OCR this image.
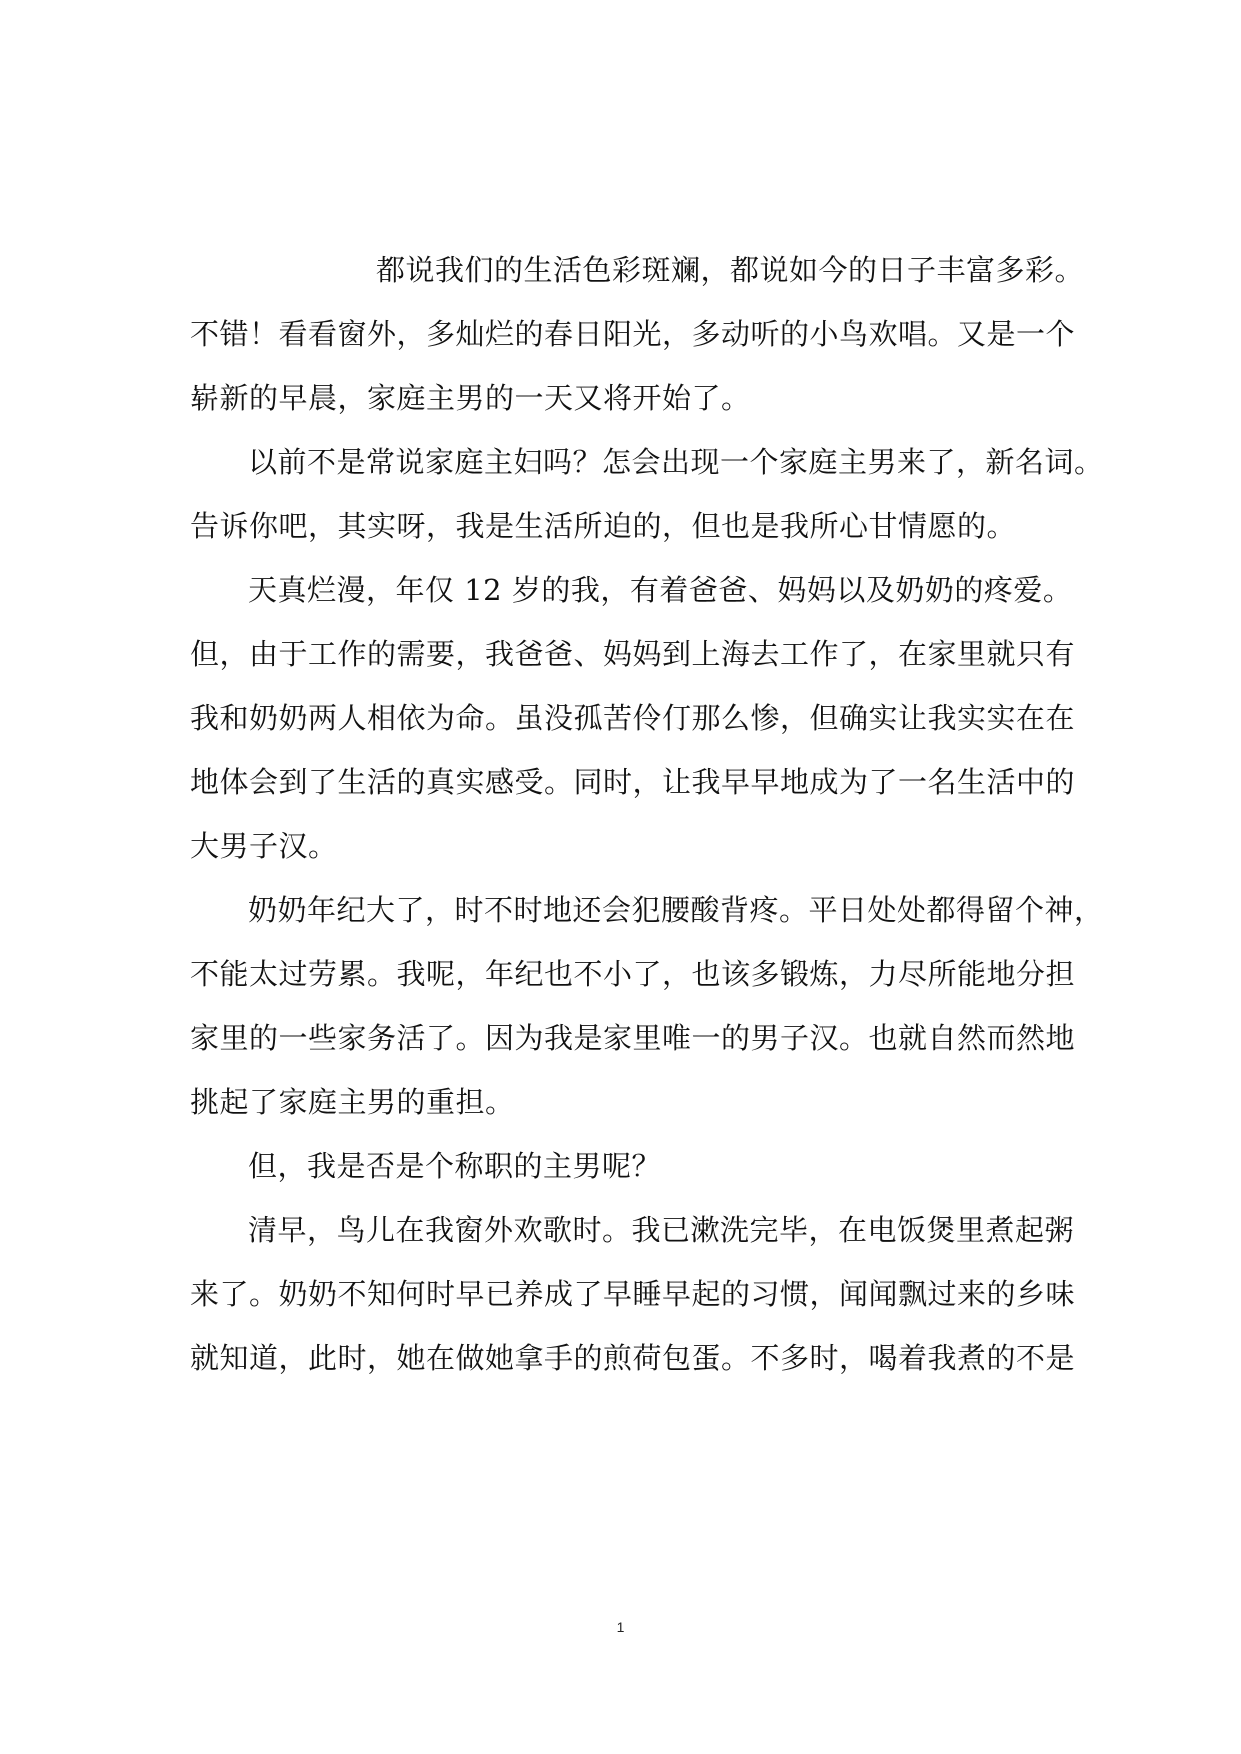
都说我们的生活色彩斑斓，都说如今的日子丰富多彩。
不错！看看窗外，多灿烂的春日阳光，多动听的小鸟欢唱。又是一个
崭新的早晨，家庭主男的一天又将开始了。
以前不是常说家庭主妇吗？怎会出现一个家庭主男来了，新名词。
告诉你吧，其实呀，我是生活所迫的，但也是我所心甘情愿的。
天真烂漫，年仅 12 岁的我，有着爸爸、妈妈以及奶奶的疼爱。
但，由于工作的需要，我爸爸、妈妈到上海去工作了，在家里就只有
我和奶奶两人相依为命。虽没孤苦伶仃那么惨，但确实让我实实在在
地体会到了生活的真实感受。同时，让我早早地成为了一名生活中的
大男子汉。
奶奶年纪大了，时不时地还会犯腰酸背疼。平日处处都得留个神，
不能太过劳累。我呢，年纪也不小了，也该多锻炼，力尽所能地分担
家里的一些家务活了。因为我是家里唯一的男子汉。也就自然而然地
挑起了家庭主男的重担。
但，我是否是个称职的主男呢？
清早，鸟儿在我窗外欢歌时。我已漱洗完毕，在电饭煲里煮起粥
来了。奶奶不知何时早已养成了早睡早起的习惯，闻闻飘过来的乡味
就知道，此时，她在做她拿手的煎荷包蛋。不多时，喝着我煮的不是
1
